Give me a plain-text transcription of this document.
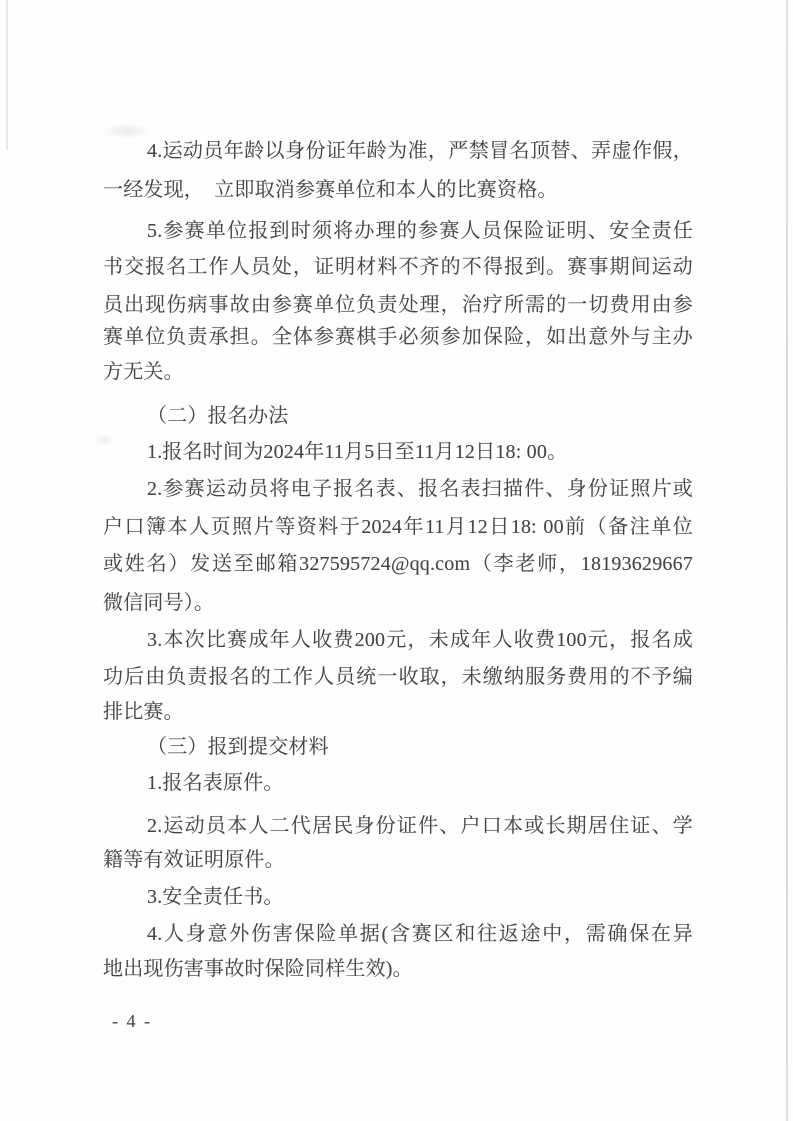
4.运动员年龄以身份证年龄为准，严禁冒名顶替、弄虚作假，
一经发现，　立即取消参赛单位和本人的比赛资格。
5.参赛单位报到时须将办理的参赛人员保险证明、安全责任
书交报名工作人员处，证明材料不齐的不得报到。赛事期间运动
员出现伤病事故由参赛单位负责处理，治疗所需的一切费用由参
赛单位负责承担。全体参赛棋手必须参加保险，如出意外与主办
方无关。
（二）报名办法
1.报名时间为2024年11月5日至11月12日18: 00。
2.参赛运动员将电子报名表、报名表扫描件、身份证照片或
户口簿本人页照片等资料于2024年11月12日18: 00前（备注单位
或姓名）发送至邮箱327595724@qq.com（李老师，18193629667
微信同号）。
3.本次比赛成年人收费200元，未成年人收费100元，报名成
功后由负责报名的工作人员统一收取，未缴纳服务费用的不予编
排比赛。
（三）报到提交材料
1.报名表原件。
2.运动员本人二代居民身份证件、户口本或长期居住证、学
籍等有效证明原件。
3.安全责任书。
4.人身意外伤害保险单据(含赛区和往返途中，需确保在异
地出现伤害事故时保险同样生效)。
- 4 -
